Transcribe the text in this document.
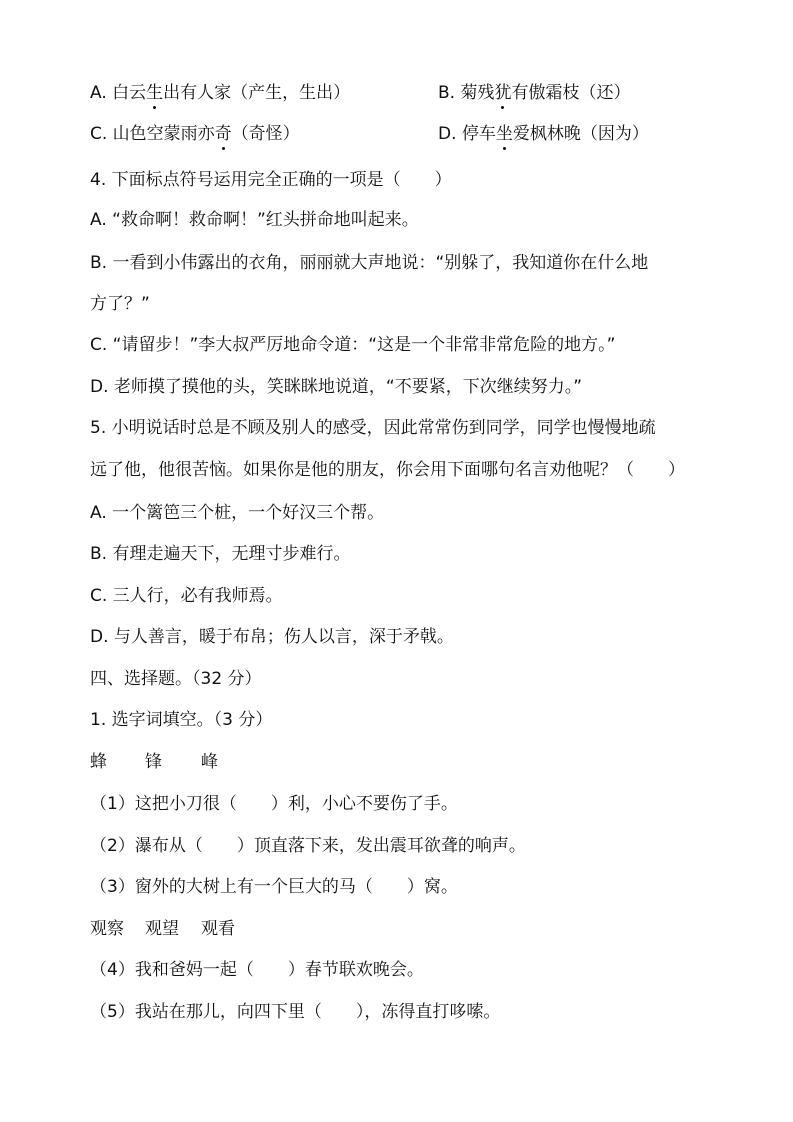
A. 白云生出有人家（产生，生出）	B. 菊残犹有傲霜枝（还）
C. 山色空蒙雨亦奇（奇怪）	D. 停车坐爱枫林晚（因为）
4. 下面标点符号运用完全正确的一项是（　　）
A. “救命啊！救命啊！”红头拼命地叫起来。
B. 一看到小伟露出的衣角，丽丽就大声地说：“别躲了，我知道你在什么地
方了？”
C. “请留步！”李大叔严厉地命令道：“这是一个非常非常危险的地方。”
D. 老师摸了摸他的头，笑眯眯地说道，“不要紧，下次继续努力。”
5. 小明说话时总是不顾及别人的感受，因此常常伤到同学，同学也慢慢地疏
远了他，他很苦恼。如果你是他的朋友，你会用下面哪句名言劝他呢？（　　）
A. 一个篱笆三个桩，一个好汉三个帮。
B. 有理走遍天下，无理寸步难行。
C. 三人行，必有我师焉。
D. 与人善言，暖于布帛；伤人以言，深于矛戟。
四、选择题。（32 分）
1. 选字词填空。（3 分）
蜂 锋 峰
（1）这把小刀很（　　）利，小心不要伤了手。
（2）瀑布从（　　）顶直落下来，发出震耳欲聋的响声。
（3）窗外的大树上有一个巨大的马（　　）窝。
观察 观望 观看
（4）我和爸妈一起（　　）春节联欢晚会。
（5）我站在那儿，向四下里（　　），冻得直打哆嗦。
